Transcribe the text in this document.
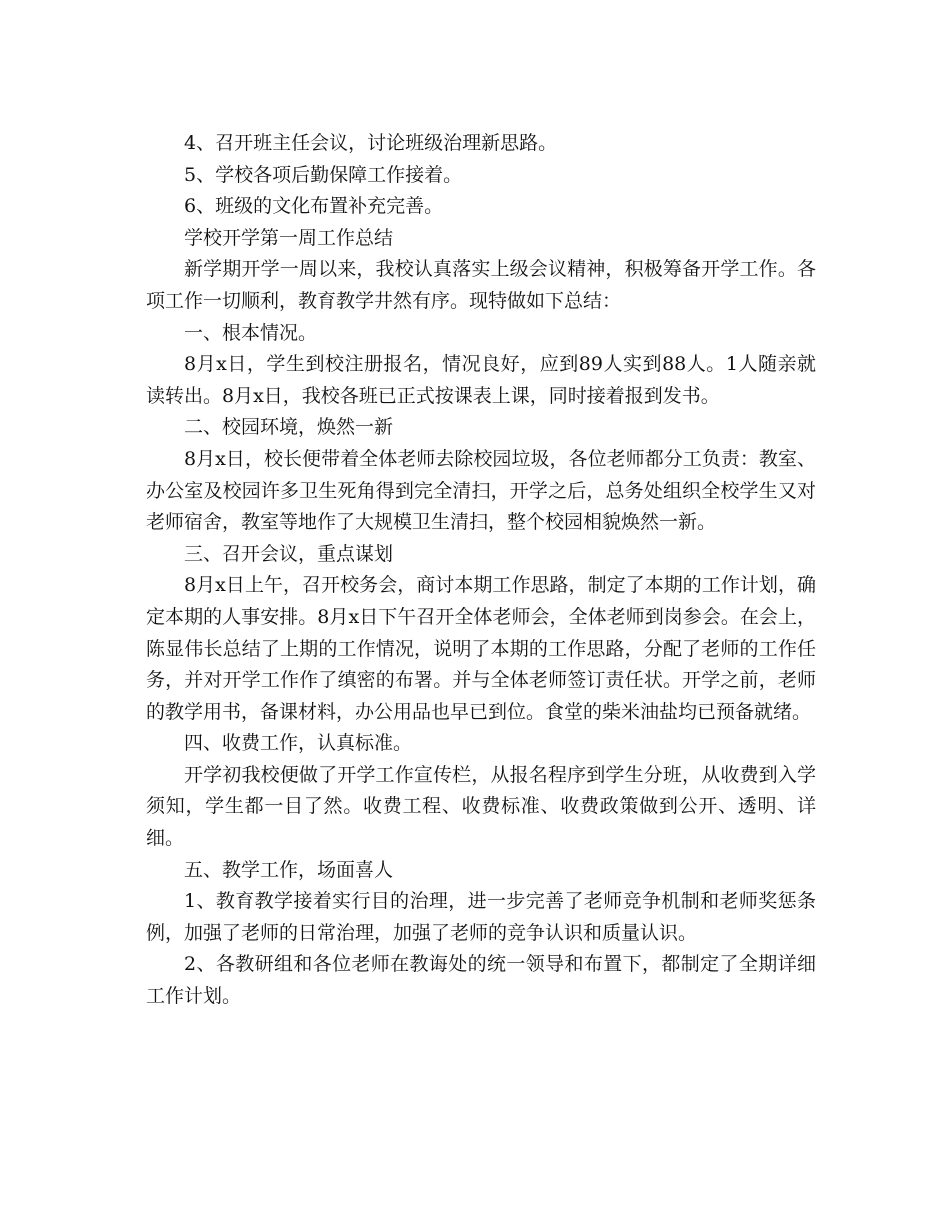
4、召开班主任会议，讨论班级治理新思路。

5、学校各项后勤保障工作接着。

6、班级的文化布置补充完善。

学校开学第一周工作总结

新学期开学一周以来，我校认真落实上级会议精神，积极筹备开学工作。各项工作一切顺利，教育教学井然有序。现特做如下总结：

一、根本情况。

8月x日，学生到校注册报名，情况良好，应到89人实到88人。1人随亲就读转出。8月x日，我校各班已正式按课表上课，同时接着报到发书。

二、校园环境，焕然一新

8月x日，校长便带着全体老师去除校园垃圾，各位老师都分工负责：教室、办公室及校园许多卫生死角得到完全清扫，开学之后，总务处组织全校学生又对老师宿舍，教室等地作了大规模卫生清扫，整个校园相貌焕然一新。

三、召开会议，重点谋划

8月x日上午，召开校务会，商讨本期工作思路，制定了本期的工作计划，确定本期的人事安排。8月x日下午召开全体老师会，全体老师到岗参会。在会上，陈显伟长总结了上期的工作情况，说明了本期的工作思路，分配了老师的工作任务，并对开学工作作了缜密的布署。并与全体老师签订责任状。开学之前，老师的教学用书，备课材料，办公用品也早已到位。食堂的柴米油盐均已预备就绪。

四、收费工作，认真标准。

开学初我校便做了开学工作宣传栏，从报名程序到学生分班，从收费到入学须知，学生都一目了然。收费工程、收费标准、收费政策做到公开、透明、详细。

五、教学工作，场面喜人

1、教育教学接着实行目的治理，进一步完善了老师竞争机制和老师奖惩条例，加强了老师的日常治理，加强了老师的竞争认识和质量认识。

2、各教研组和各位老师在教诲处的统一领导和布置下，都制定了全期详细工作计划。
